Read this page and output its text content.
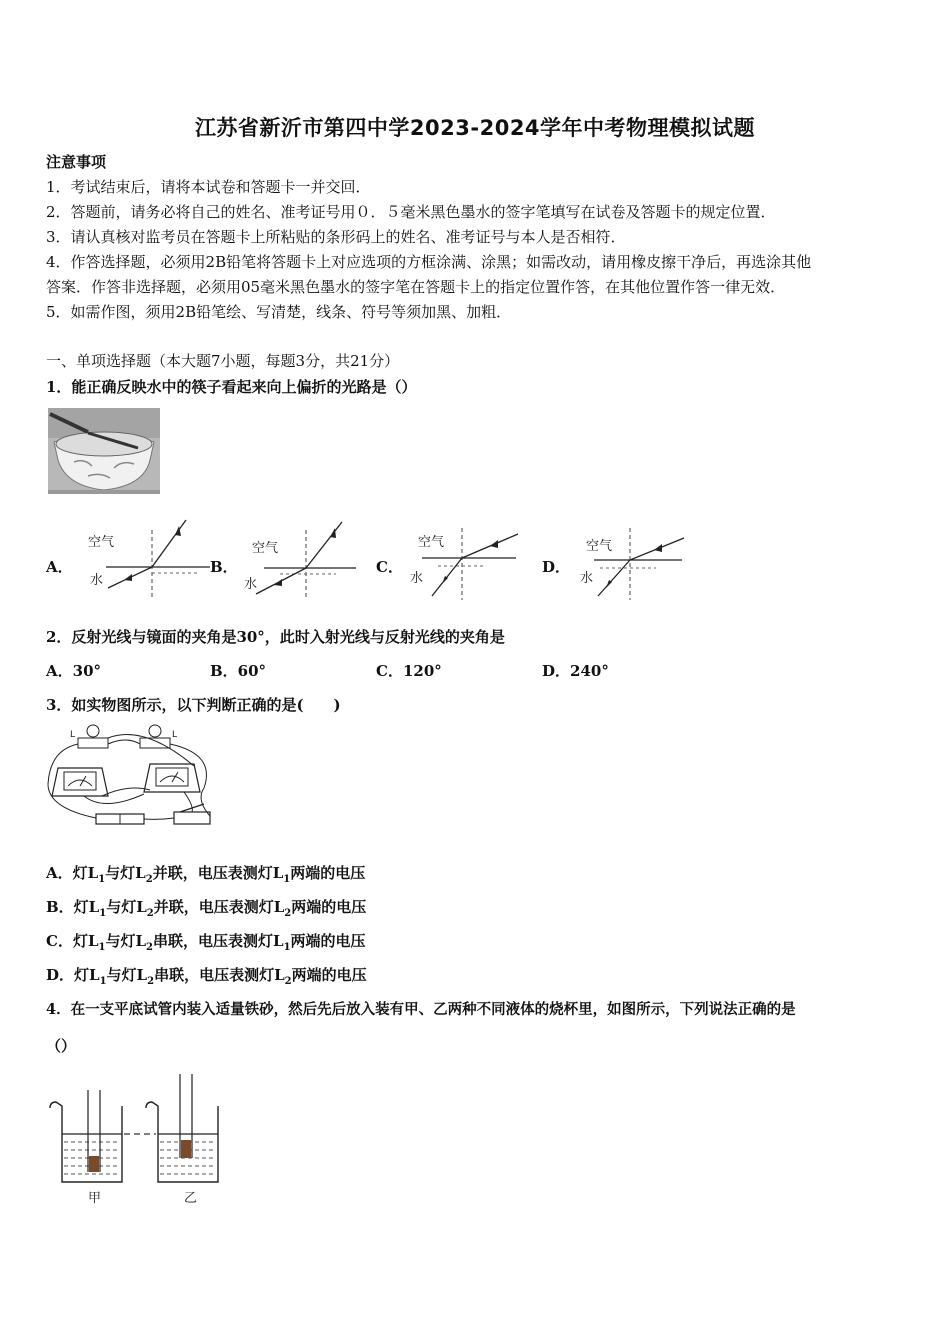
江苏省新沂市第四中学2023-2024学年中考物理模拟试题
注意事项
1．考试结束后，请将本试卷和答题卡一并交回．
2．答题前，请务必将自己的姓名、准考证号用０．５毫米黑色墨水的签字笔填写在试卷及答题卡的规定位置．
3．请认真核对监考员在答题卡上所粘贴的条形码上的姓名、准考证号与本人是否相符．
4．作答选择题，必须用2B铅笔将答题卡上对应选项的方框涂满、涂黑；如需改动，请用橡皮擦干净后，再选涂其他
答案．作答非选择题，必须用05毫米黑色墨水的签字笔在答题卡上的指定位置作答，在其他位置作答一律无效．
5．如需作图，须用2B铅笔绘、写清楚，线条、符号等须加黑、加粗．
一、单项选择题（本大题7小题，每题3分，共21分）
1．能正确反映水中的筷子看起来向上偏折的光路是（）
A．
空气
水
B．
空气
水
C．
空气
水
D．
空气
水
2．反射光线与镜面的夹角是30°，此时入射光线与反射光线的夹角是
A．30°	B．60°	C．120°	D．240°
3．如实物图所示，以下判断正确的是(　　)
L	L
A．灯$L_1$与灯$L_2$并联，电压表测灯$L_1$两端的电压
B．灯$L_1$与灯$L_2$并联，电压表测灯$L_2$两端的电压
C．灯$L_1$与灯$L_2$串联，电压表测灯$L_1$两端的电压
D．灯$L_1$与灯$L_2$串联，电压表测灯$L_2$两端的电压
4．在一支平底试管内装入适量铁砂，然后先后放入装有甲、乙两种不同液体的烧杯里，如图所示，下列说法正确的是
（）
甲	乙
